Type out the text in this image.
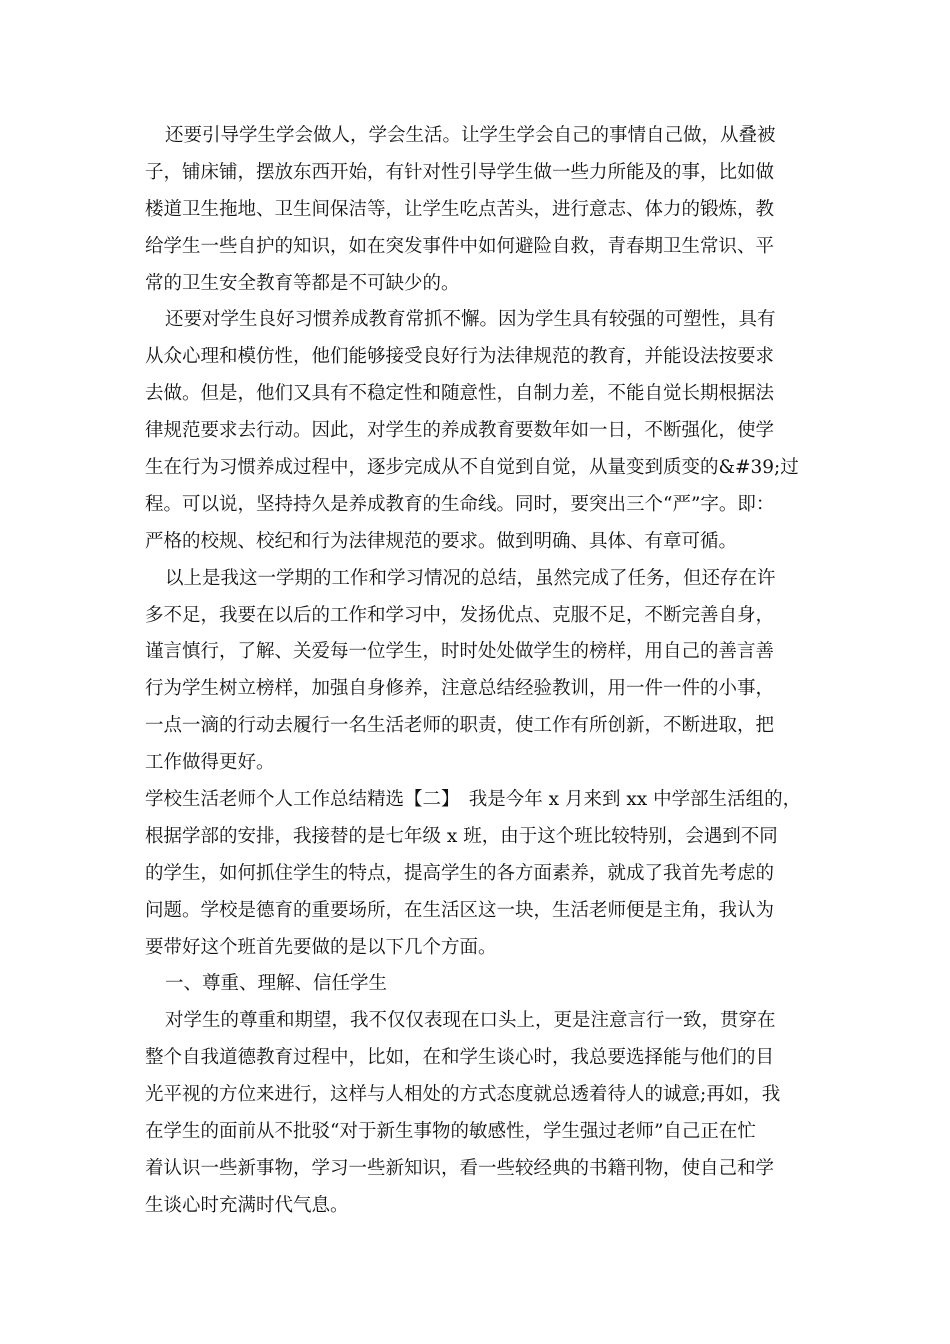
还要引导学生学会做人，学会生活。让学生学会自己的事情自己做，从叠被
子，铺床铺，摆放东西开始，有针对性引导学生做一些力所能及的事，比如做
楼道卫生拖地、卫生间保洁等，让学生吃点苦头，进行意志、体力的锻炼，教
给学生一些自护的知识，如在突发事件中如何避险自救，青春期卫生常识、平
常的卫生安全教育等都是不可缺少的。
还要对学生良好习惯养成教育常抓不懈。因为学生具有较强的可塑性，具有
从众心理和模仿性，他们能够接受良好行为法律规范的教育，并能设法按要求
去做。但是，他们又具有不稳定性和随意性，自制力差，不能自觉长期根据法
律规范要求去行动。因此，对学生的养成教育要数年如一日，不断强化，使学
生在行为习惯养成过程中，逐步完成从不自觉到自觉，从量变到质变的&#39;过
程。可以说，坚持持久是养成教育的生命线。同时，要突出三个“严”字。即：
严格的校规、校纪和行为法律规范的要求。做到明确、具体、有章可循。
以上是我这一学期的工作和学习情况的总结，虽然完成了任务，但还存在许
多不足，我要在以后的工作和学习中，发扬优点、克服不足，不断完善自身，
谨言慎行，了解、关爱每一位学生，时时处处做学生的榜样，用自己的善言善
行为学生树立榜样，加强自身修养，注意总结经验教训，用一件一件的小事，
一点一滴的行动去履行一名生活老师的职责，使工作有所创新，不断进取，把
工作做得更好。
学校生活老师个人工作总结精选【二】　我是今年 x 月来到 xx 中学部生活组的，
根据学部的安排，我接替的是七年级 x 班，由于这个班比较特别，会遇到不同
的学生，如何抓住学生的特点，提高学生的各方面素养，就成了我首先考虑的
问题。学校是德育的重要场所，在生活区这一块，生活老师便是主角，我认为
要带好这个班首先要做的是以下几个方面。
一、尊重、理解、信任学生
对学生的尊重和期望，我不仅仅表现在口头上，更是注意言行一致，贯穿在
整个自我道德教育过程中，比如，在和学生谈心时，我总要选择能与他们的目
光平视的方位来进行，这样与人相处的方式态度就总透着待人的诚意;再如，我
在学生的面前从不批驳“对于新生事物的敏感性，学生强过老师”自己正在忙
着认识一些新事物，学习一些新知识，看一些较经典的书籍刊物，使自己和学
生谈心时充满时代气息。
